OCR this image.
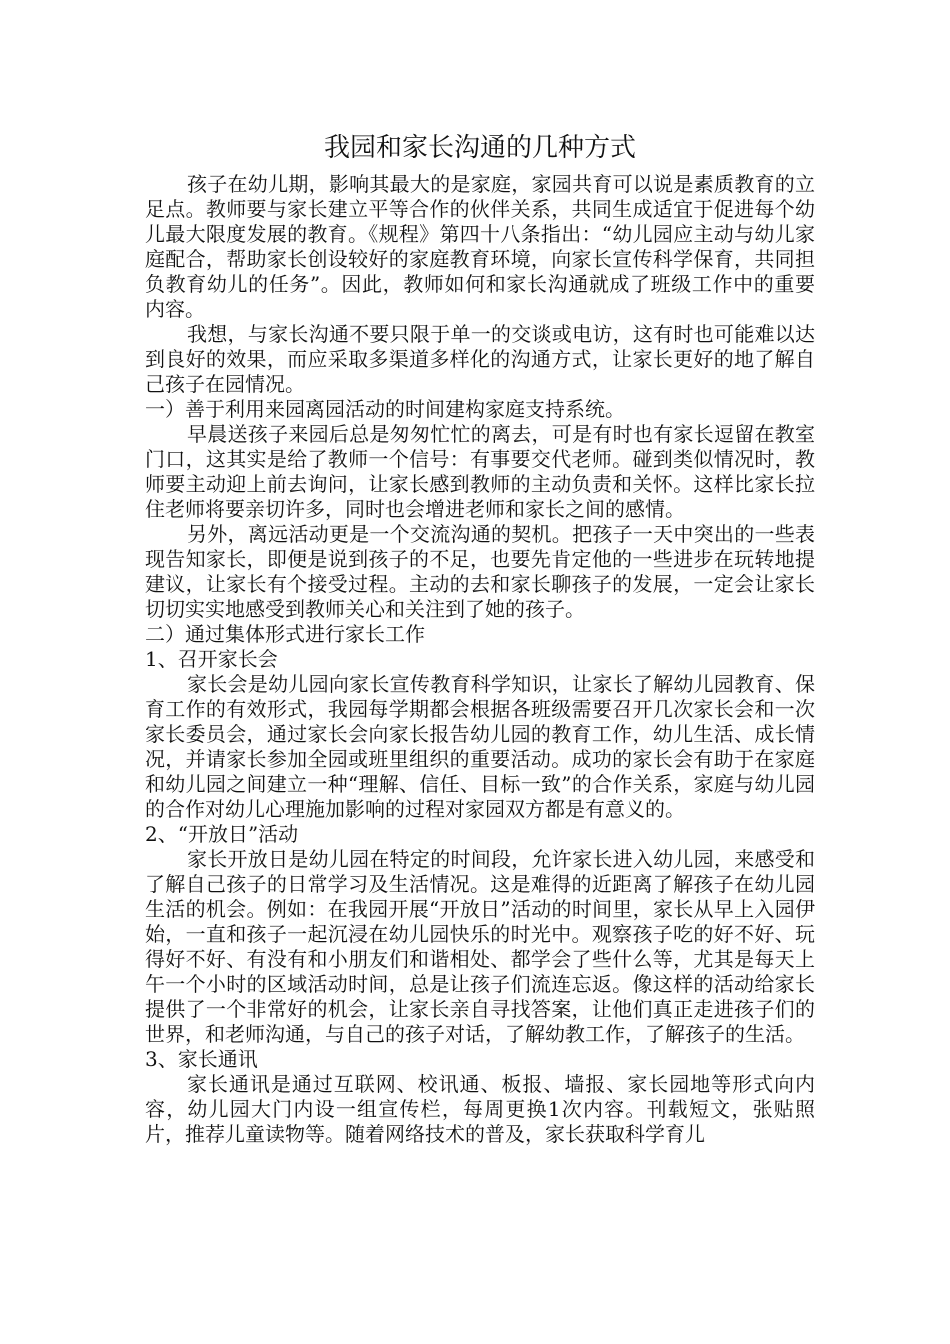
我园和家长沟通的几种方式

孩子在幼儿期，影响其最大的是家庭，家园共育可以说是素质教育的立足点。教师要与家长建立平等合作的伙伴关系，共同生成适宜于促进每个幼儿最大限度发展的教育。《规程》第四十八条指出：“幼儿园应主动与幼儿家庭配合，帮助家长创设较好的家庭教育环境，向家长宣传科学保育，共同担负教育幼儿的任务”。因此，教师如何和家长沟通就成了班级工作中的重要内容。

我想，与家长沟通不要只限于单一的交谈或电访，这有时也可能难以达到良好的效果，而应采取多渠道多样化的沟通方式，让家长更好的地了解自己孩子在园情况。

一）善于利用来园离园活动的时间建构家庭支持系统。

早晨送孩子来园后总是匆匆忙忙的离去，可是有时也有家长逗留在教室门口，这其实是给了教师一个信号：有事要交代老师。碰到类似情况时，教师要主动迎上前去询问，让家长感到教师的主动负责和关怀。这样比家长拉住老师将要亲切许多，同时也会增进老师和家长之间的感情。

另外，离远活动更是一个交流沟通的契机。把孩子一天中突出的一些表现告知家长，即便是说到孩子的不足，也要先肯定他的一些进步在玩转地提建议，让家长有个接受过程。主动的去和家长聊孩子的发展，一定会让家长切切实实地感受到教师关心和关注到了她的孩子。

二）通过集体形式进行家长工作

1、召开家长会

家长会是幼儿园向家长宣传教育科学知识，让家长了解幼儿园教育、保育工作的有效形式，我园每学期都会根据各班级需要召开几次家长会和一次家长委员会，通过家长会向家长报告幼儿园的教育工作，幼儿生活、成长情况，并请家长参加全园或班里组织的重要活动。成功的家长会有助于在家庭和幼儿园之间建立一种“理解、信任、目标一致”的合作关系，家庭与幼儿园的合作对幼儿心理施加影响的过程对家园双方都是有意义的。

2、“开放日”活动

家长开放日是幼儿园在特定的时间段，允许家长进入幼儿园，来感受和了解自己孩子的日常学习及生活情况。这是难得的近距离了解孩子在幼儿园生活的机会。例如：在我园开展“开放日”活动的时间里，家长从早上入园伊始，一直和孩子一起沉浸在幼儿园快乐的时光中。观察孩子吃的好不好、玩得好不好、有没有和小朋友们和谐相处、都学会了些什么等，尤其是每天上午一个小时的区域活动时间，总是让孩子们流连忘返。像这样的活动给家长提供了一个非常好的机会，让家长亲自寻找答案，让他们真正走进孩子们的世界，和老师沟通，与自己的孩子对话，了解幼教工作，了解孩子的生活。

3、家长通讯

家长通讯是通过互联网、校讯通、板报、墙报、家长园地等形式向内容，幼儿园大门内设一组宣传栏，每周更换1次内容。刊载短文，张贴照片，推荐儿童读物等。随着网络技术的普及，家长获取科学育儿
